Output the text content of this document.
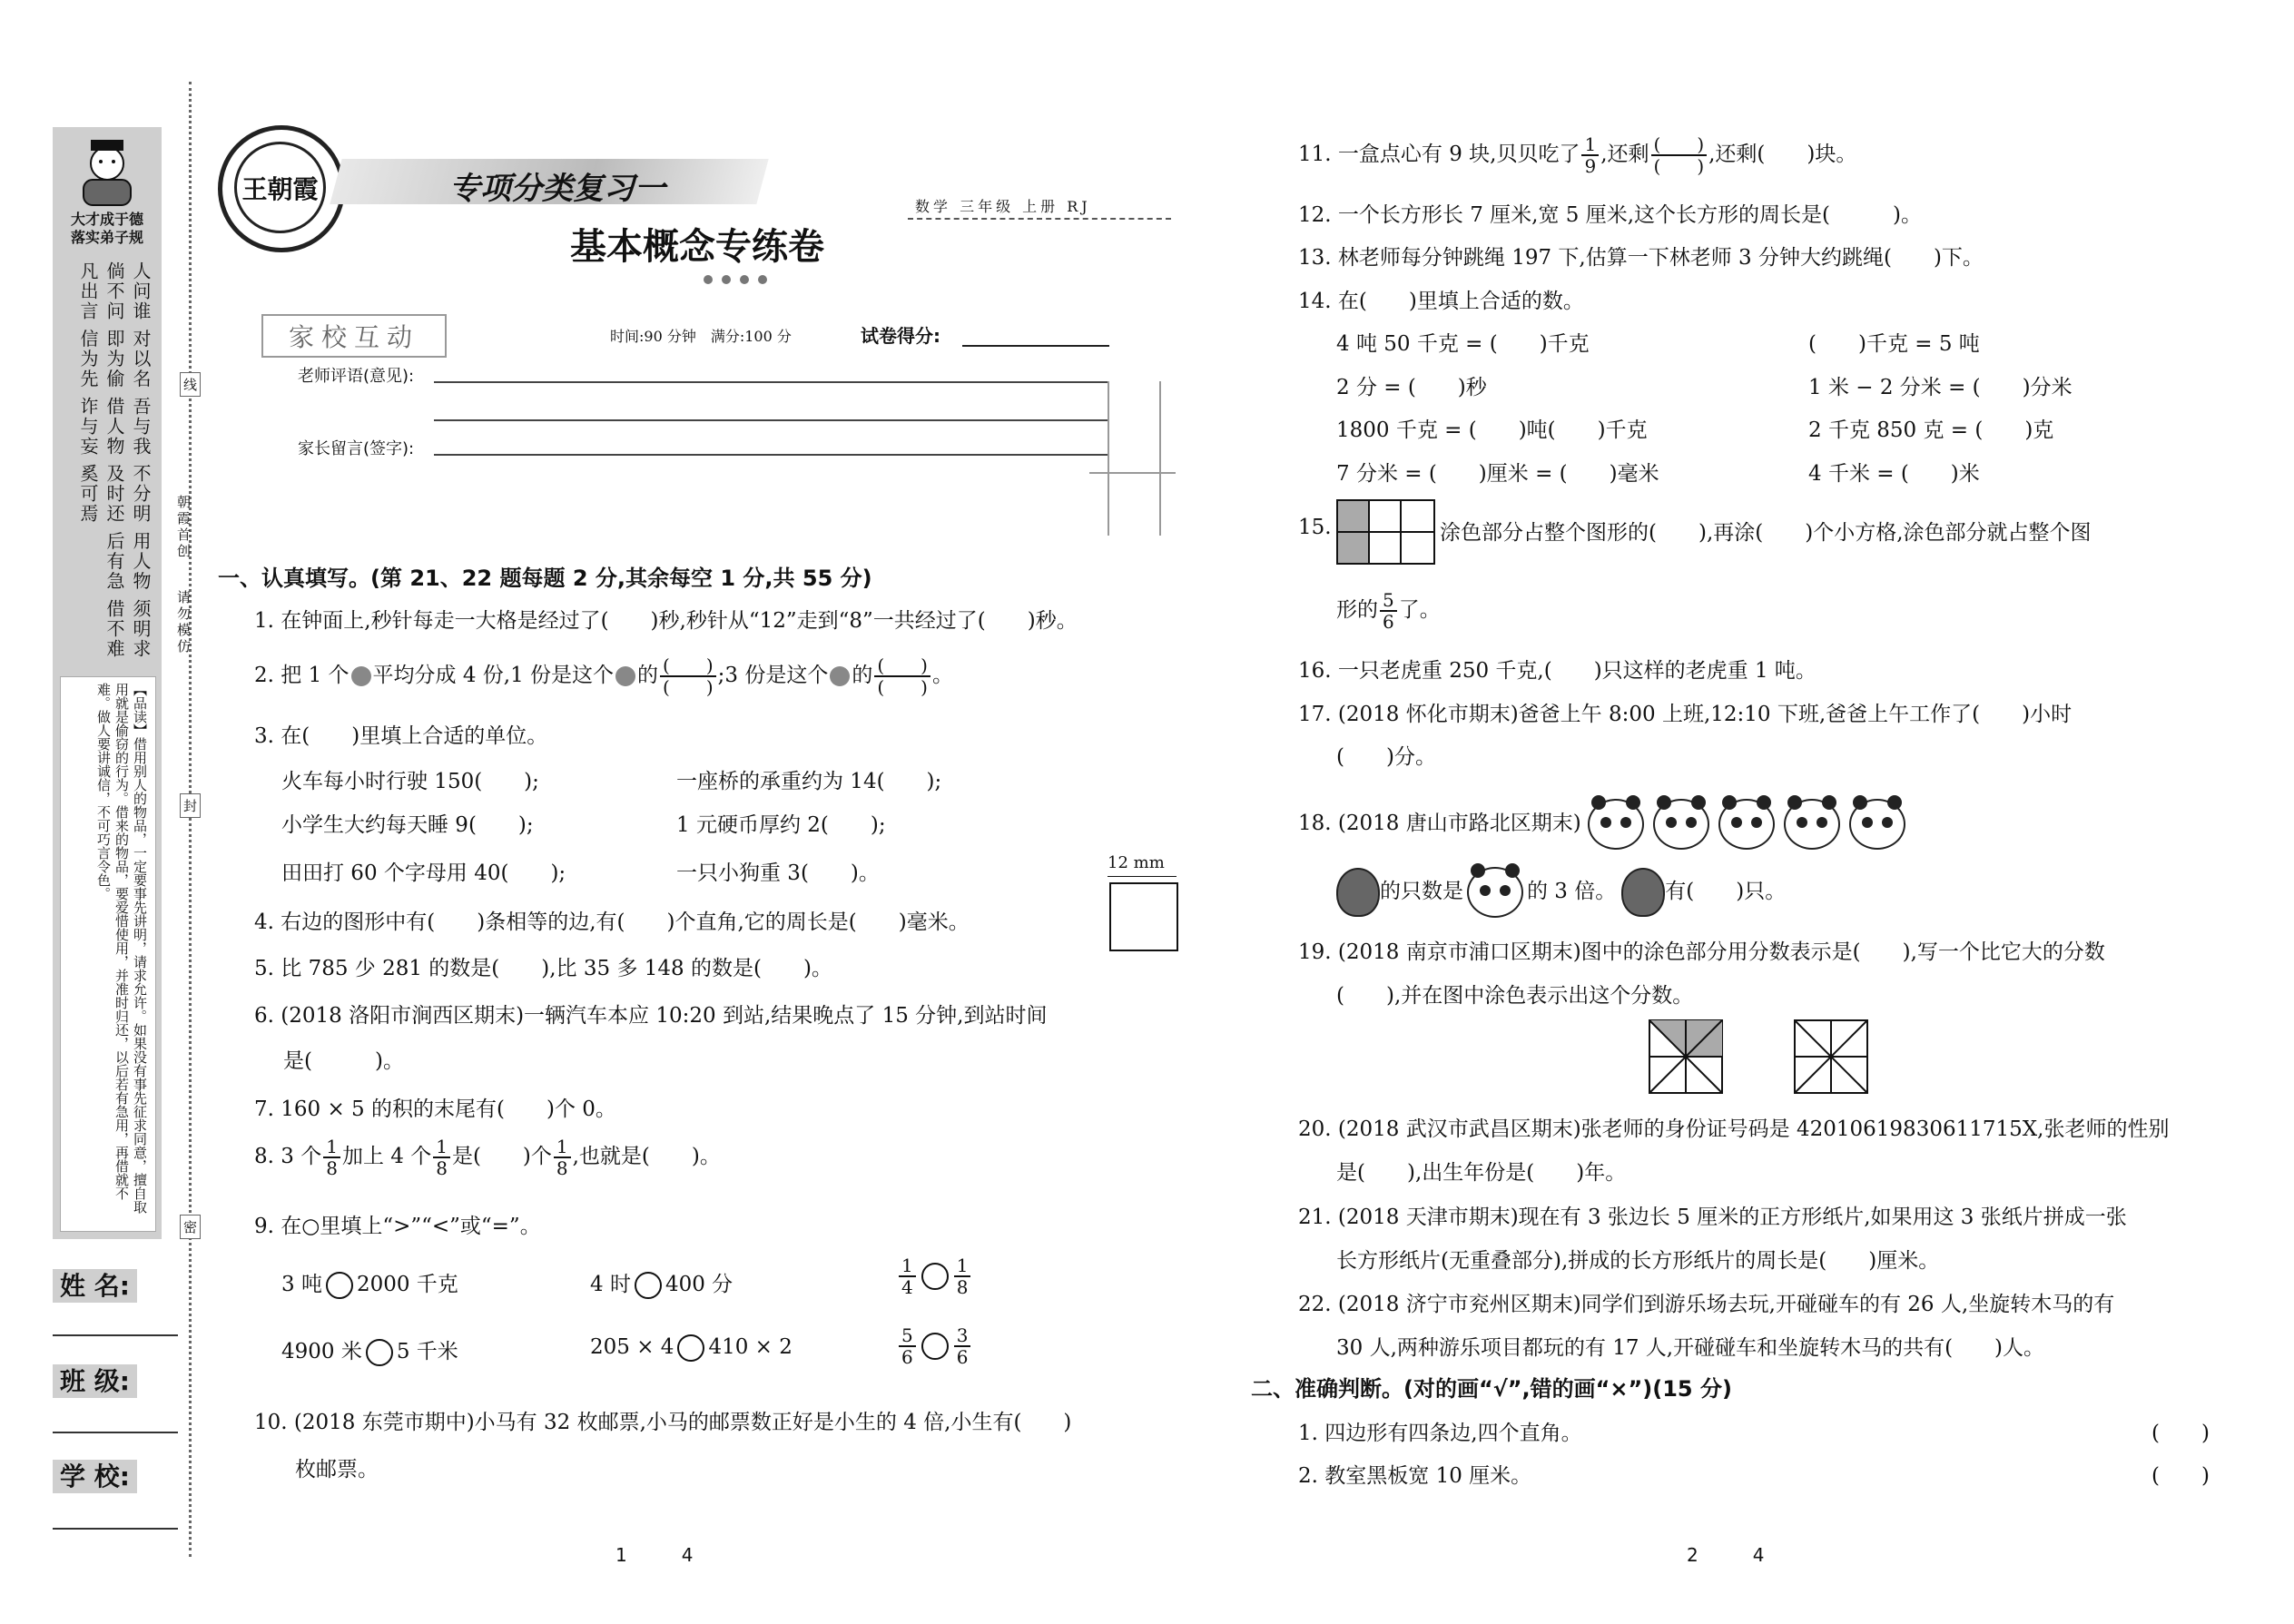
大才成于德
落实弟子规
人问谁 对以名 吾与我 不分明 用人物 须明求
倘不问 即为偷 借人物 及时还 后有急 借不难
凡出言 信为先 诈与妄 奚可焉
【品读】借用别人的物品，一定要事先讲明，请求允许。如果没有事先征求同意，擅自取用就是偷窃的行为。借来的物品，要爱惜使用，并准时归还，以后若有急用，再借就不难。做人要讲诚信，不可巧言令色。
姓 名:
班 级:
学 校:
线
封
密
朝霞首创
请勿模仿
王朝霞	专项分类复习一
基本概念专练卷
数学 三年级 上册 RJ
家校互动	时间:90 分钟　满分:100 分	试卷得分:
老师评语(意见):
家长留言(签字):
一、认真填写。(第 21、22 题每题 2 分,其余每空 1 分,共 55 分)
1. 在钟面上,秒针每走一大格是经过了(　　)秒,秒针从“12”走到“8”一共经过了(　　)秒。
2. 把 1 个 平均分成 4 份,1 份是这个 的 $\frac{( )}{( )}$ ;3 份是这个 的 $\frac{( )}{( )}$ 。
3. 在(　　)里填上合适的单位。
火车每小时行驶 150(　　);	一座桥的承重约为 14(　　);
小学生大约每天睡 9(　　);	1 元硬币厚约 2(　　);
田田打 60 个字母用 40(　　);	一只小狗重 3(　　)。	12 mm
4. 右边的图形中有(　　)条相等的边,有(　　)个直角,它的周长是(　　)毫米。
5. 比 785 少 281 的数是(　　),比 35 多 148 的数是(　　)。
6. (2018 洛阳市涧西区期末)一辆汽车本应 10:20 到站,结果晚点了 15 分钟,到站时间
是(　　　)。
7. 160 × 5 的积的末尾有(　　)个 0。
8. 3 个 $\frac{1}{8}$ 加上 4 个 $\frac{1}{8}$ 是(　　)个 $\frac{1}{8}$ ,也就是(　　)。
9. 在○里填上“>”“<”或“=”。
3 吨 2000 千克	4 时 400 分	$\frac{1}{4} \frac{1}{8}$
4900 米 5 千米	205 × 4 410 × 2	$\frac{5}{6} \frac{3}{6}$
10. (2018 东莞市期中)小马有 32 枚邮票,小马的邮票数正好是小生的 4 倍,小生有(　　)
枚邮票。
1　　　4
11. 一盒点心有 9 块,贝贝吃了 $\frac{1}{9}$ ,还剩 $\frac{( )}{( )}$ ,还剩(　　)块。
12. 一个长方形长 7 厘米,宽 5 厘米,这个长方形的周长是(　　　)。
13. 林老师每分钟跳绳 197 下,估算一下林老师 3 分钟大约跳绳(　　)下。
14. 在(　　)里填上合适的数。
4 吨 50 千克 = (　　)千克	(　　)千克 = 5 吨
2 分 = (　　)秒	1 米 − 2 分米 = (　　)分米
1800 千克 = (　　)吨(　　)千克	2 千克 850 克 = (　　)克
7 分米 = (　　)厘米 = (　　)毫米	4 千米 = (　　)米
15.	涂色部分占整个图形的(　　),再涂(　　)个小方格,涂色部分就占整个图
形的 $\frac{5}{6}$ 了。
16. 一只老虎重 250 千克,(　　)只这样的老虎重 1 吨。
17. (2018 怀化市期末)爸爸上午 8:00 上班,12:10 下班,爸爸上午工作了(　　)小时
(　　)分。
18. (2018 唐山市路北区期末)
的只数是	的 3 倍。 有(　　)只。
19. (2018 南京市浦口区期末)图中的涂色部分用分数表示是(　　),写一个比它大的分数
(　　),并在图中涂色表示出这个分数。
20. (2018 武汉市武昌区期末)张老师的身份证号码是 42010619830611715X,张老师的性别
是(　　),出生年份是(　　)年。
21. (2018 天津市期末)现在有 3 张边长 5 厘米的正方形纸片,如果用这 3 张纸片拼成一张
长方形纸片(无重叠部分),拼成的长方形纸片的周长是(　　)厘米。
22. (2018 济宁市兖州区期末)同学们到游乐场去玩,开碰碰车的有 26 人,坐旋转木马的有
30 人,两种游乐项目都玩的有 17 人,开碰碰车和坐旋转木马的共有(　　)人。
二、准确判断。(对的画“√”,错的画“×”)(15 分)
1. 四边形有四条边,四个直角。	(　　)
2. 教室黑板宽 10 厘米。	(　　)
2　　　4
